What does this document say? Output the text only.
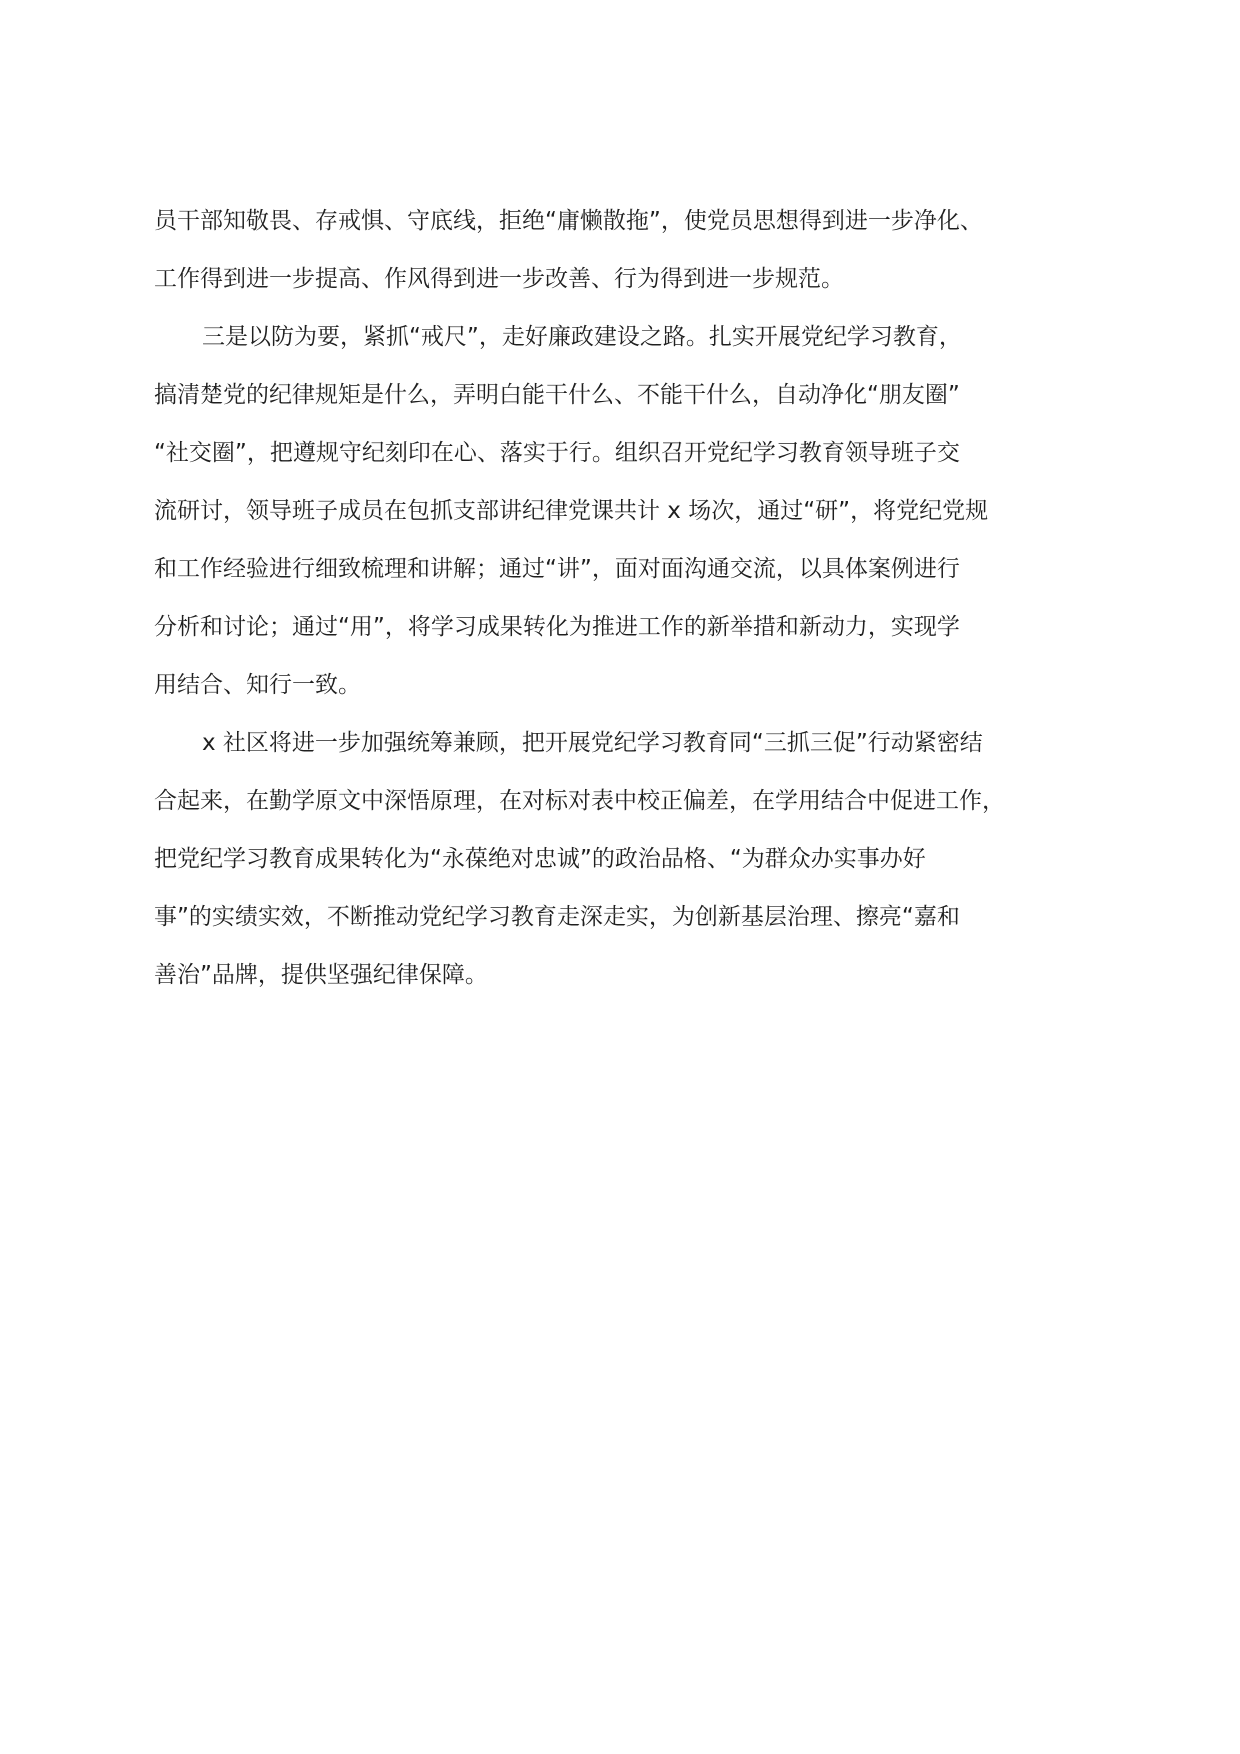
员干部知敬畏、存戒惧、守底线，拒绝“庸懒散拖”，使党员思想得到进一步净化、
工作得到进一步提高、作风得到进一步改善、行为得到进一步规范。
三是以防为要，紧抓“戒尺”，走好廉政建设之路。扎实开展党纪学习教育，
搞清楚党的纪律规矩是什么，弄明白能干什么、不能干什么，自动净化“朋友圈”
“社交圈”，把遵规守纪刻印在心、落实于行。组织召开党纪学习教育领导班子交
流研讨，领导班子成员在包抓支部讲纪律党课共计 x 场次，通过“研”，将党纪党规
和工作经验进行细致梳理和讲解；通过“讲”，面对面沟通交流，以具体案例进行
分析和讨论；通过“用”，将学习成果转化为推进工作的新举措和新动力，实现学
用结合、知行一致。
x 社区将进一步加强统筹兼顾，把开展党纪学习教育同“三抓三促”行动紧密结
合起来，在勤学原文中深悟原理，在对标对表中校正偏差，在学用结合中促进工作，
把党纪学习教育成果转化为“永葆绝对忠诚”的政治品格、“为群众办实事办好
事”的实绩实效，不断推动党纪学习教育走深走实，为创新基层治理、擦亮“嘉和
善治”品牌，提供坚强纪律保障。
